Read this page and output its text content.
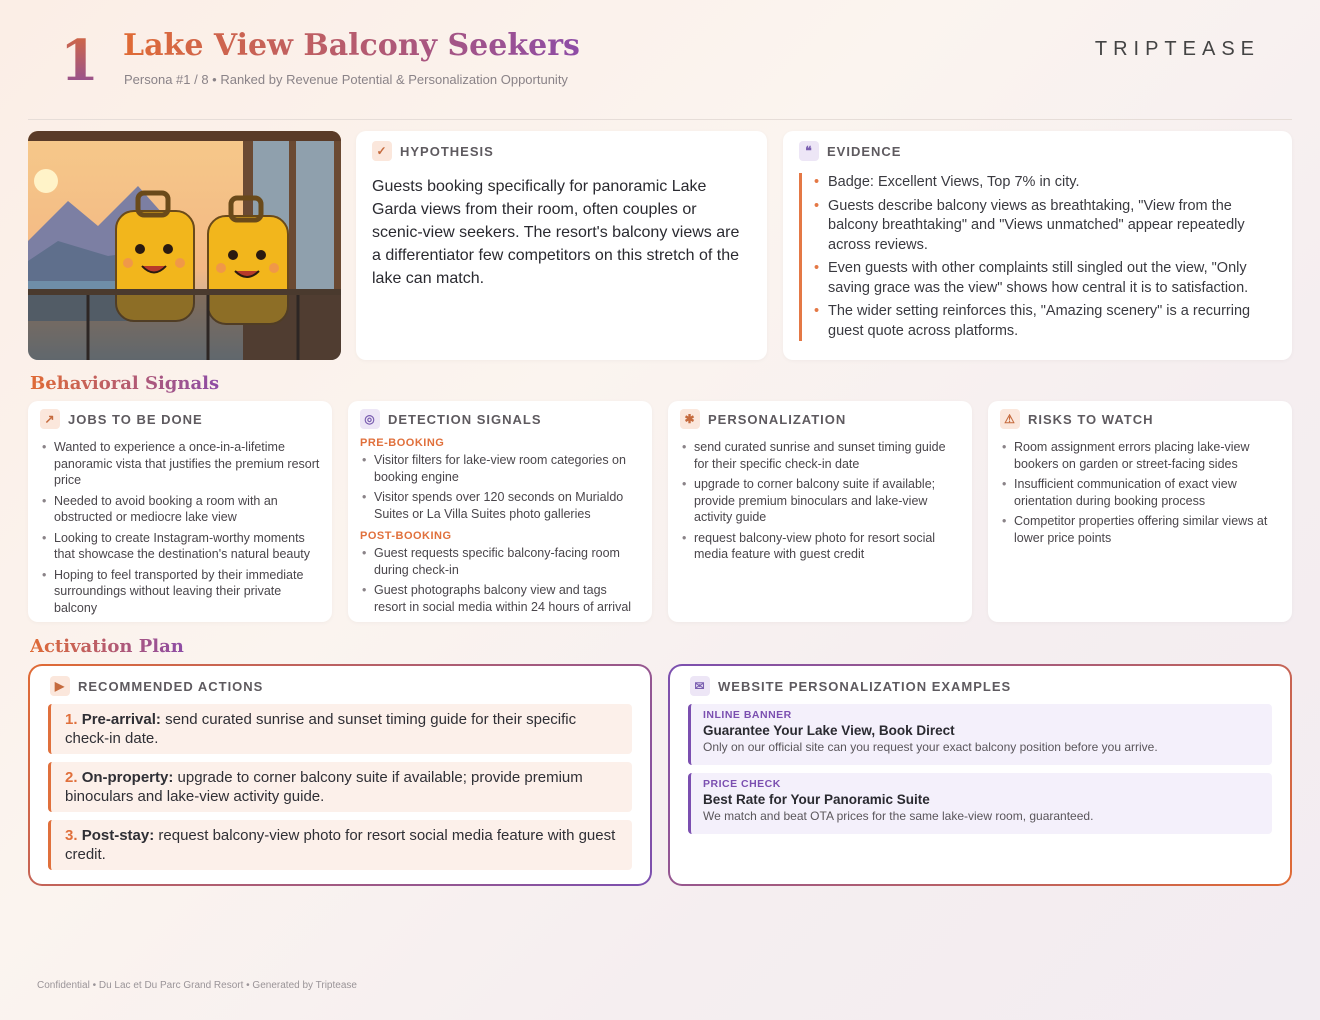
1 Lake View Balcony Seekers
Persona #1 / 8 • Ranked by Revenue Potential & Personalization Opportunity
TRIPTEASE
✓ HYPOTHESIS
Guests booking specifically for panoramic Lake Garda views from their room, often couples or scenic-view seekers. The resort's balcony views are a differentiator few competitors on this stretch of the lake can match.
❝	EVIDENCE
• Badge: Excellent Views, Top 7% in city.
• Guests describe balcony views as breathtaking, "View from the balcony breathtaking" and "Views unmatched" appear repeatedly across reviews.
• Even guests with other complaints still singled out the view, "Only saving grace was the view" shows how central it is to satisfaction.
• The wider setting reinforces this, "Amazing scenery" is a recurring guest quote across platforms.
Behavioral Signals
↗ JOBS TO BE DONE
• Wanted to experience a once-in-a-lifetime panoramic vista that justifies the premium resort price
• Needed to avoid booking a room with an obstructed or mediocre lake view
• Looking to create Instagram-worthy moments that showcase the destination's natural beauty
• Hoping to feel transported by their immediate surroundings without leaving their private balcony
◎ DETECTION SIGNALS
PRE-BOOKING
• Visitor filters for lake-view room categories on booking engine
• Visitor spends over 120 seconds on Murialdo Suites or La Villa Suites photo galleries
POST-BOOKING
• Guest requests specific balcony-facing room during check-in
• Guest photographs balcony view and tags resort in social media within 24 hours of arrival
✱ PERSONALIZATION
• send curated sunrise and sunset timing guide for their specific check-in date
• upgrade to corner balcony suite if available; provide premium binoculars and lake-view activity guide
• request balcony-view photo for resort social media feature with guest credit
⚠ RISKS TO WATCH
• Room assignment errors placing lake-view bookers on garden or street-facing sides
• Insufficient communication of exact view orientation during booking process
• Competitor properties offering similar views at lower price points
Activation Plan
▶ RECOMMENDED ACTIONS
1. Pre-arrival: send curated sunrise and sunset timing guide for their specific check-in date.
2. On-property: upgrade to corner balcony suite if available; provide premium binoculars and lake-view activity guide.
3. Post-stay: request balcony-view photo for resort social media feature with guest credit.
✉ WEBSITE PERSONALIZATION EXAMPLES
INLINE BANNER
Guarantee Your Lake View, Book Direct
Only on our official site can you request your exact balcony position before you arrive.
PRICE CHECK
Best Rate for Your Panoramic Suite
We match and beat OTA prices for the same lake-view room, guaranteed.
Confidential • Du Lac et Du Parc Grand Resort • Generated by Triptease
